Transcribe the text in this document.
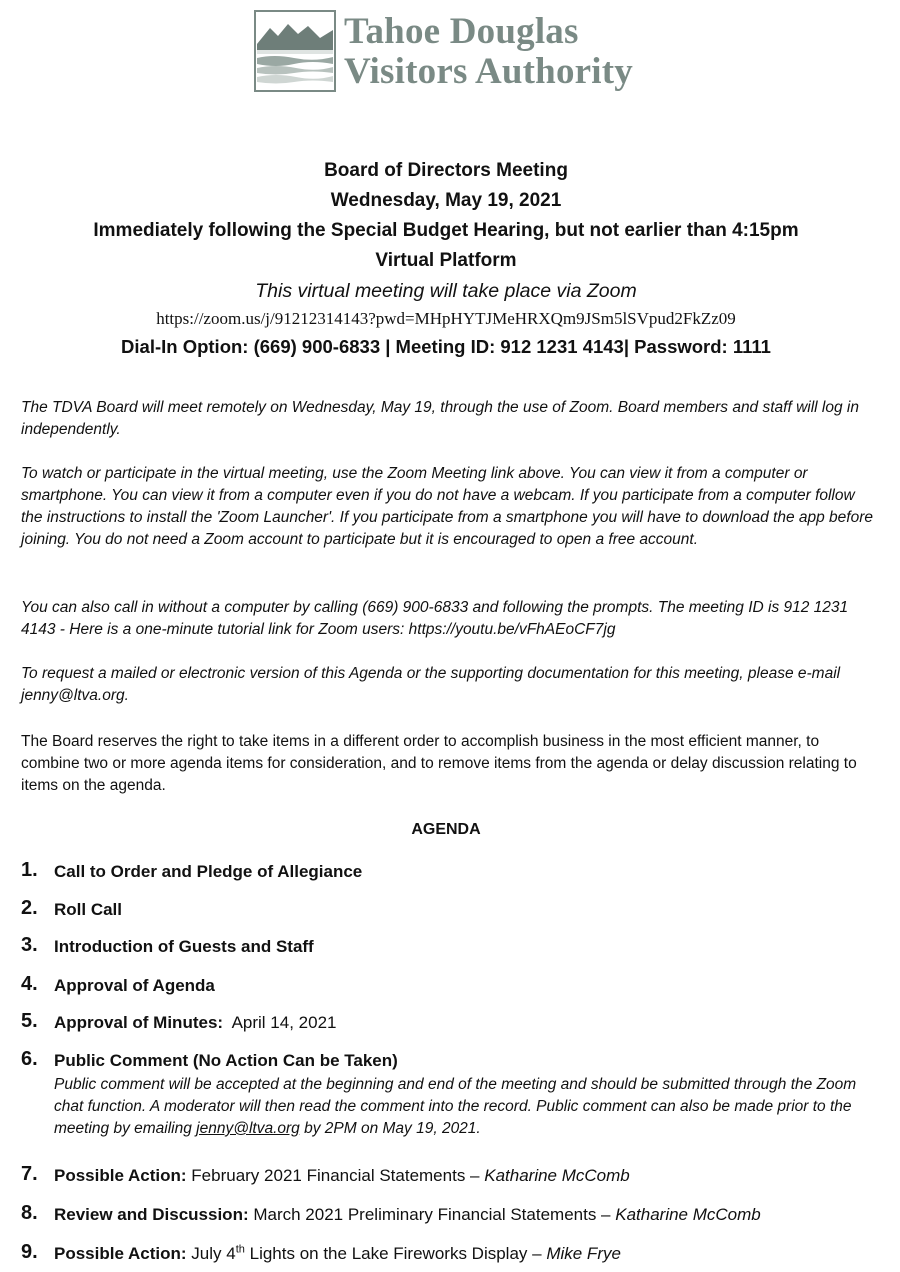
Tahoe Douglas
Visitors Authority
Board of Directors Meeting
Wednesday, May 19, 2021
Immediately following the Special Budget Hearing, but not earlier than 4:15pm
Virtual Platform
This virtual meeting will take place via Zoom
https://zoom.us/j/91212314143?pwd=MHpHYTJMeHRXQm9JSm5lSVpud2FkZz09
Dial-In Option: (669) 900-6833 | Meeting ID: 912 1231 4143| Password: 1111
The TDVA Board will meet remotely on Wednesday, May 19, through the use of Zoom. Board members and staff will log in independently.
To watch or participate in the virtual meeting, use the Zoom Meeting link above. You can view it from a computer or smartphone. You can view it from a computer even if you do not have a webcam. If you participate from a computer follow the instructions to install the 'Zoom Launcher'. If you participate from a smartphone you will have to download the app before joining. You do not need a Zoom account to participate but it is encouraged to open a free account.
You can also call in without a computer by calling (669) 900-6833 and following the prompts. The meeting ID is 912 1231 4143 - Here is a one-minute tutorial link for Zoom users: https://youtu.be/vFhAEoCF7jg
To request a mailed or electronic version of this Agenda or the supporting documentation for this meeting, please e-mail jenny@ltva.org.
The Board reserves the right to take items in a different order to accomplish business in the most efficient manner, to combine two or more agenda items for consideration, and to remove items from the agenda or delay discussion relating to items on the agenda.
AGENDA
1. Call to Order and Pledge of Allegiance
2. Roll Call
3. Introduction of Guests and Staff
4. Approval of Agenda
5. Approval of Minutes:  April 14, 2021
6. Public Comment (No Action Can be Taken)
Public comment will be accepted at the beginning and end of the meeting and should be submitted through the Zoom chat function. A moderator will then read the comment into the record. Public comment can also be made prior to the meeting by emailing jenny@ltva.org by 2PM on May 19, 2021.
7. Possible Action: February 2021 Financial Statements – Katharine McComb
8. Review and Discussion: March 2021 Preliminary Financial Statements – Katharine McComb
9. Possible Action: July 4th Lights on the Lake Fireworks Display – Mike Frye
